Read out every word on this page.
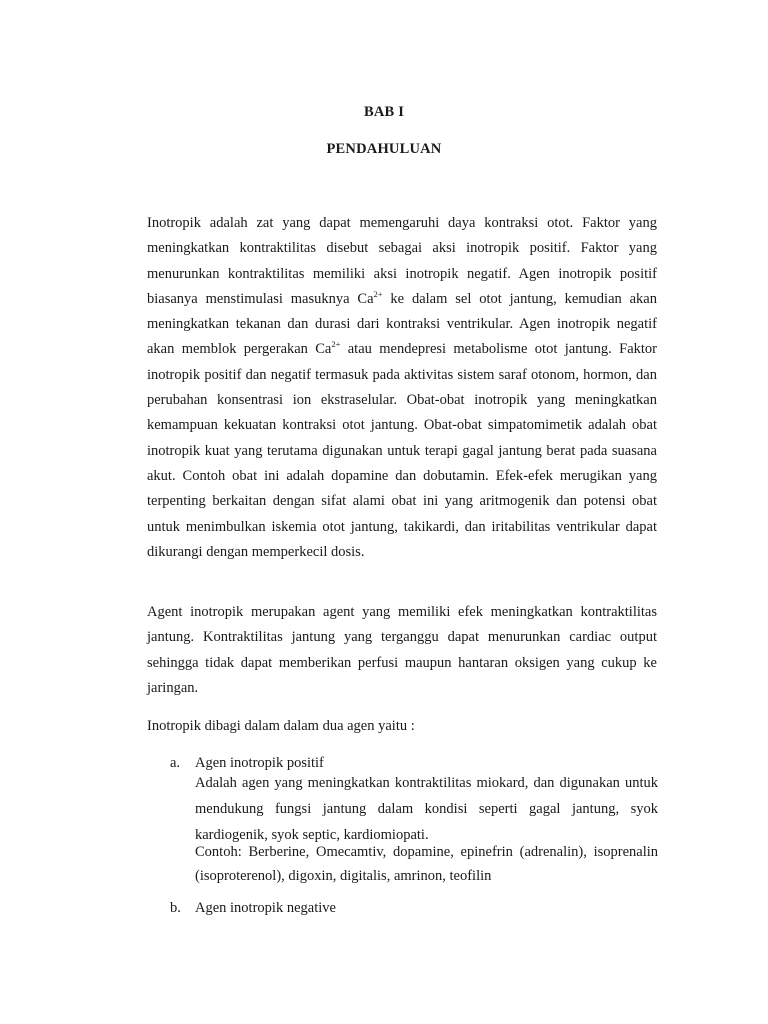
BAB I
PENDAHULUAN

Inotropik adalah zat yang dapat memengaruhi daya kontraksi otot. Faktor yang meningkatkan kontraktilitas disebut sebagai aksi inotropik positif. Faktor yang menurunkan kontraktilitas memiliki aksi inotropik negatif. Agen inotropik positif biasanya menstimulasi masuknya $Ca^{2+}$ ke dalam sel otot jantung, kemudian akan meningkatkan tekanan dan durasi dari kontraksi ventrikular. Agen inotropik negatif akan memblok pergerakan $Ca^{2+}$ atau mendepresi metabolisme otot jantung. Faktor inotropik positif dan negatif termasuk pada aktivitas sistem saraf otonom, hormon, dan perubahan konsentrasi ion ekstraselular. Obat-obat inotropik yang meningkatkan kemampuan kekuatan kontraksi otot jantung. Obat-obat simpatomimetik adalah obat inotropik kuat yang terutama digunakan untuk terapi gagal jantung berat pada suasana akut. Contoh obat ini adalah dopamine dan dobutamin. Efek-efek merugikan yang terpenting berkaitan dengan sifat alami obat ini yang aritmogenik dan potensi obat untuk menimbulkan iskemia otot jantung, takikardi, dan iritabilitas ventrikular dapat dikurangi dengan memperkecil dosis.

Agent inotropik merupakan agent yang memiliki efek meningkatkan kontraktilitas jantung. Kontraktilitas jantung yang terganggu dapat menurunkan cardiac output sehingga tidak dapat memberikan perfusi maupun hantaran oksigen yang cukup ke jaringan.

Inotropik dibagi dalam dalam dua agen yaitu :

a. Agen inotropik positif

Adalah agen yang meningkatkan kontraktilitas miokard, dan digunakan untuk mendukung fungsi jantung dalam kondisi seperti gagal jantung, syok kardiogenik, syok septic, kardiomiopati.

Contoh: Berberine, Omecamtiv, dopamine, epinefrin (adrenalin), isoprenalin (isoproterenol), digoxin, digitalis, amrinon, teofilin

b. Agen inotropik negative
